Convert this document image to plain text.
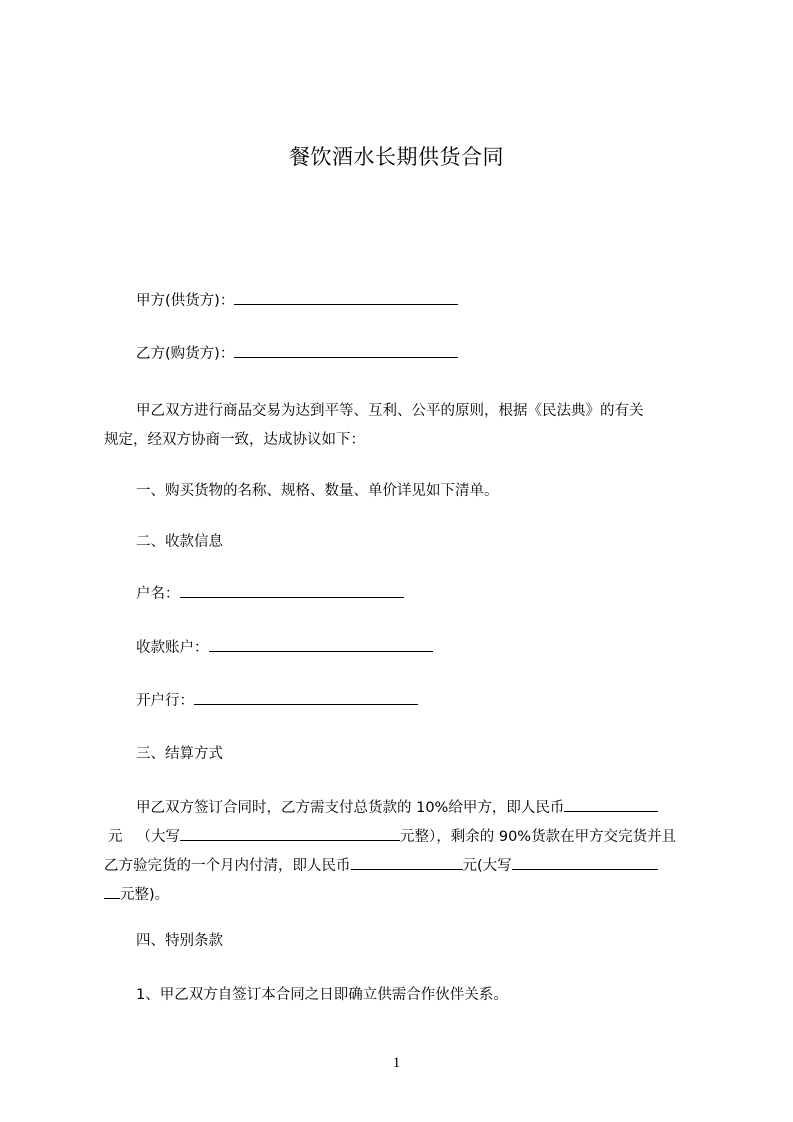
餐饮酒水长期供货合同
甲方(供货方)：
乙方(购货方)：
甲乙双方进行商品交易为达到平等、互利、公平的原则，根据《民法典》的有关
规定，经双方协商一致，达成协议如下：
一、购买货物的名称、规格、数量、单价详见如下清单。
二、收款信息
户名：
收款账户：
开户行：
三、结算方式
甲乙双方签订合同时，乙方需支付总货款的 10%给甲方，即人民币
元 （大写	元整），剩余的 90%货款在甲方交完货并且
乙方验完货的一个月内付清，即人民币	元(大写
元整)。
四、特别条款
1、甲乙双方自签订本合同之日即确立供需合作伙伴关系。
1
